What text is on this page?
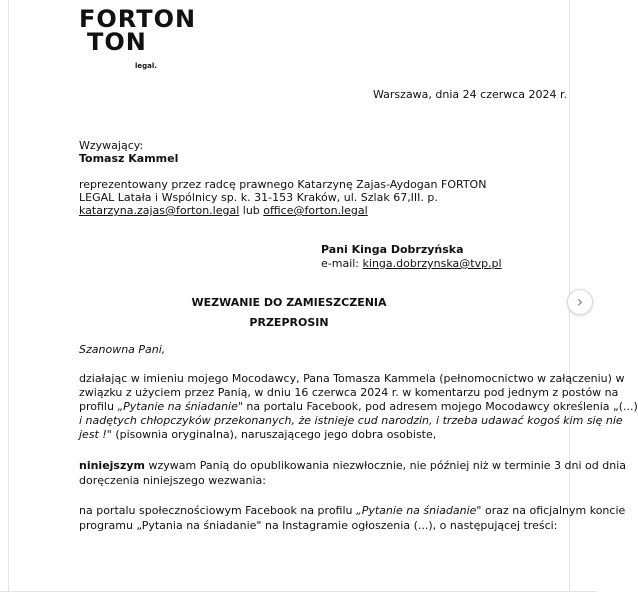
FORTON
TON
legal.
Warszawa, dnia 24 czerwca 2024 r.
Wzywający:
Tomasz Kammel
reprezentowany przez radcę prawnego Katarzynę Zajas-Aydogan FORTON
LEGAL Latała i Wspólnicy sp. k. 31-153 Kraków, ul. Szlak 67,III. p.
katarzyna.zajas@forton.legal lub office@forton.legal
Pani Kinga Dobrzyńska
e-mail: kinga.dobrzynska@tvp.pl
WEZWANIE DO ZAMIESZCZENIA
PRZEPROSIN
Szanowna Pani,
działając w imieniu mojego Mocodawcy, Pana Tomasza Kammela (pełnomocnictwo w załączeniu) w
związku z użyciem przez Panią, w dniu 16 czerwca 2024 r. w komentarzu pod jednym z postów na
profilu „Pytanie na śniadanie" na portalu Facebook, pod adresem mojego Mocodawcy określenia „(...)
i nadętych chłopczyków przekonanych, że istnieje cud narodzin, i trzeba udawać kogoś kim się nie
jest !" (pisownia oryginalna), naruszającego jego dobra osobiste,
niniejszym wzywam Panią do opublikowania niezwłocznie, nie później niż w terminie 3 dni od dnia
doręczenia niniejszego wezwania:
na portalu społecznościowym Facebook na profilu „Pytanie na śniadanie" oraz na oficjalnym koncie
programu „Pytania na śniadanie" na Instagramie ogłoszenia (...), o następującej treści:
›
